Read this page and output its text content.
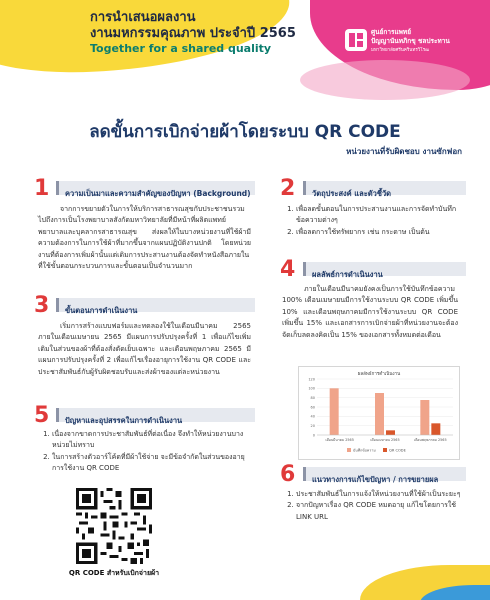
การนำเสนอผลงาน
งานมหกรรมคุณภาพ ประจำปี 2565
Together for a shared quality
ศูนย์การแพทย์
ปัญญานันทภิกขุ ชลประทาน
มหาวิทยาลัยศรีนครินทรวิโรฒ
ลดขั้นการเบิกจ่ายผ้าโดยระบบ QR CODE
หน่วยงานที่รับผิดชอบ งานซักฟอก
1	ความเป็นมาและความสำคัญของปัญหา (Background)
จากการขยายตัวในการให้บริการสาธารณสุขกับประชาชนรวมไปถึงการเป็นโรงพยาบาลสังกัดมหาวิทยาลัยที่มีหน้าที่ผลิตแพทย์พยาบาลและบุคลากรสาธารณสุข ส่งผลให้ในบางหน่วยงานที่ใช้ผ้ามีความต้องการในการใช้ผ้าที่มากขึ้นจากแผนปฏิบัติงานปกติ โดยหน่วยงานที่ต้องการเพิ่มผ้านั้นแต่เดิมการประสานงานต้องจัดทำหนังสือภายในที่ใช้ขั้นตอนกระบวนการและขั้นตอนเป็นจำนวนมาก
3	ขั้นตอนการดำเนินงาน
เริ่มการสร้างแบบฟอร์มและทดลองใช้ในเดือนมีนาคม 2565 ภายในเดือนเมษายน 2565 มีแผนการปรับปรุงครั้งที่ 1 เพื่อแก้ไขเพิ่มเติมในส่วนของผ้าที่ต้องสั่งตัดเย็บเฉพาะ และเดือนพฤษภาคม 2565 มีแผนการปรับปรุงครั้งที่ 2 เพื่อแก้ไขเรื่องอายุการใช้งาน QR CODE และประชาสัมพันธ์กับผู้รับผิดชอบรับและส่งผ้าของแต่ละหน่วยงาน
5	ปัญหาและอุปสรรคในการดำเนินงาน
1. เนื่องจากขาดการประชาสัมพันธ์ที่ต่อเนื่อง จึงทำให้หน่วยงานบางหน่วยไม่ทราบ
2. ในการสร้างตัวอาร์โค้ดที่มีผ้าใช้จ่าย จะมีข้อจำกัดในส่วนของอายุการใช้งาน QR CODE
QR CODE สำหรับเบิกจ่ายผ้า
2	วัตถุประสงค์ และตัวชี้วัด
1. เพื่อลดขั้นตอนในการประสานงานและการจัดทำบันทึกข้อความต่างๆ
2. เพื่อลดการใช้ทรัพยากร เช่น กระดาษ เป็นต้น
4	ผลลัพธ์การดำเนินงาน
ภายในเดือนมีนาคมยังคงเป็นการใช้บันทึกข้อความ 100% เดือนเมษายนมีการใช้งานระบบ QR CODE เพิ่มขึ้น 10% และเดือนพฤษภาคมมีการใช้งานระบบ QR CODE เพิ่มขึ้น 15% และเอกสารการเบิกจ่ายผ้าที่หน่วยงานจะต้องจัดเก็บลดลงคิดเป็น 15% ของเอกสารทั้งหมดต่อเดือน
ผลลัพธ์การดำเนินงาน
0
20
40
60
80
100
120
เดือนมีนาคม 2565	เดือนเมษายน 2565	เดือนพฤษภาคม 2565
บันทึกข้อความ	QR CODE
6	แนวทางการแก้ไขปัญหา / การขยายผล
1. ประชาสัมพันธ์ในการแจ้งให้หน่วยงานที่ใช้ผ้าเป็นระยะๆ
2. จากปัญหาเรื่อง QR CODE หมดอายุ แก้ไขโดยการใช้ LINK URL
